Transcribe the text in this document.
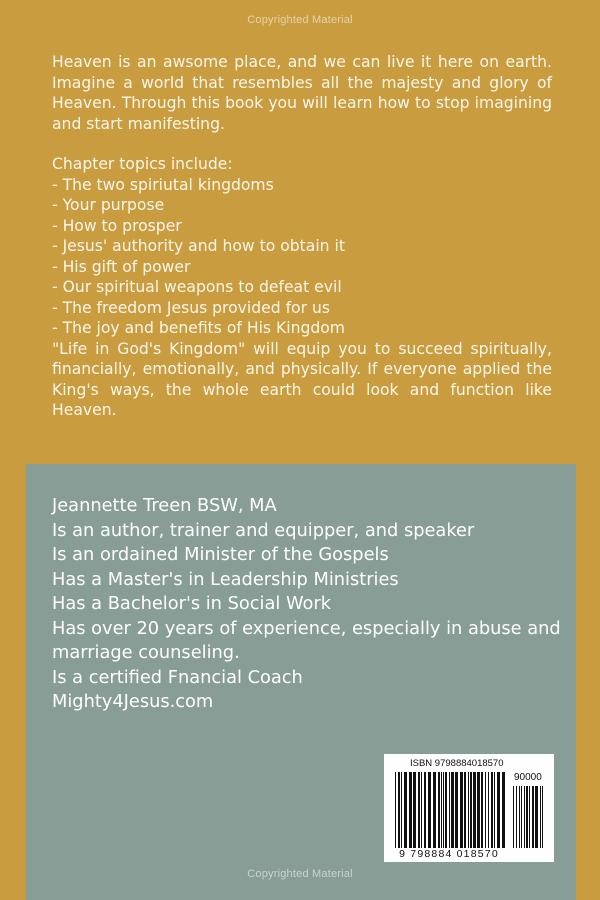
Copyrighted Material

Heaven is an awsome place, and we can live it here on earth. Imagine a world that resembles all the majesty and glory of Heaven. Through this book you will learn how to stop imagining and start manifesting.

Chapter topics include:

- The two spiriutal kingdoms
- Your purpose
- How to prosper
- Jesus' authority and how to obtain it
- His gift of power
- Our spiritual weapons to defeat evil
- The freedom Jesus provided for us
- The joy and benefits of His Kingdom

"Life in God's Kingdom" will equip you to succeed spiritually, financially, emotionally, and physically. If everyone applied the King's ways, the whole earth could look and function like Heaven.

Jeannette Treen BSW, MA
Is an author, trainer and equipper, and speaker
Is an ordained Minister of the Gospels
Has a Master's in Leadership Ministries
Has a Bachelor's in Social Work
Has over 20 years of experience, especially in abuse and marriage counseling.
Is a certified Fnancial Coach
Mighty4Jesus.com
ISBN 9798884018570
90000
9 798884 018570
Copyrighted Material
